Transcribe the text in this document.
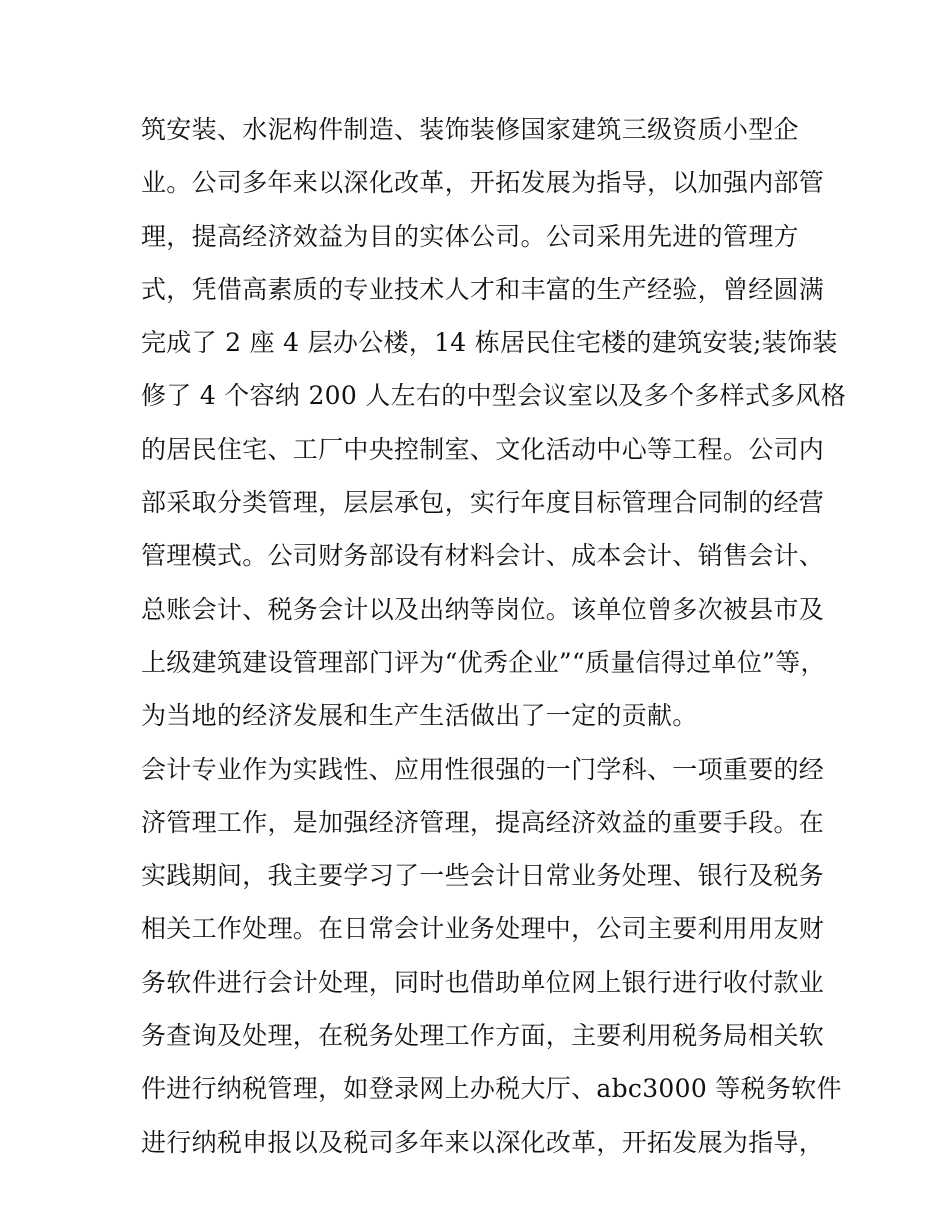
筑安装、水泥构件制造、装饰装修国家建筑三级资质小型企
业。公司多年来以深化改革，开拓发展为指导，以加强内部管
理，提高经济效益为目的实体公司。公司采用先进的管理方
式，凭借高素质的专业技术人才和丰富的生产经验，曾经圆满
完成了 2 座 4 层办公楼，14 栋居民住宅楼的建筑安装;装饰装
修了 4 个容纳 200 人左右的中型会议室以及多个多样式多风格
的居民住宅、工厂中央控制室、文化活动中心等工程。公司内
部采取分类管理，层层承包，实行年度目标管理合同制的经营
管理模式。公司财务部设有材料会计、成本会计、销售会计、
总账会计、税务会计以及出纳等岗位。该单位曾多次被县市及
上级建筑建设管理部门评为“优秀企业”“质量信得过单位”等，
为当地的经济发展和生产生活做出了一定的贡献。
会计专业作为实践性、应用性很强的一门学科、一项重要的经
济管理工作，是加强经济管理，提高经济效益的重要手段。在
实践期间，我主要学习了一些会计日常业务处理、银行及税务
相关工作处理。在日常会计业务处理中，公司主要利用用友财
务软件进行会计处理，同时也借助单位网上银行进行收付款业
务查询及处理，在税务处理工作方面，主要利用税务局相关软
件进行纳税管理，如登录网上办税大厅、abc3000 等税务软件
进行纳税申报以及税司多年来以深化改革，开拓发展为指导，
